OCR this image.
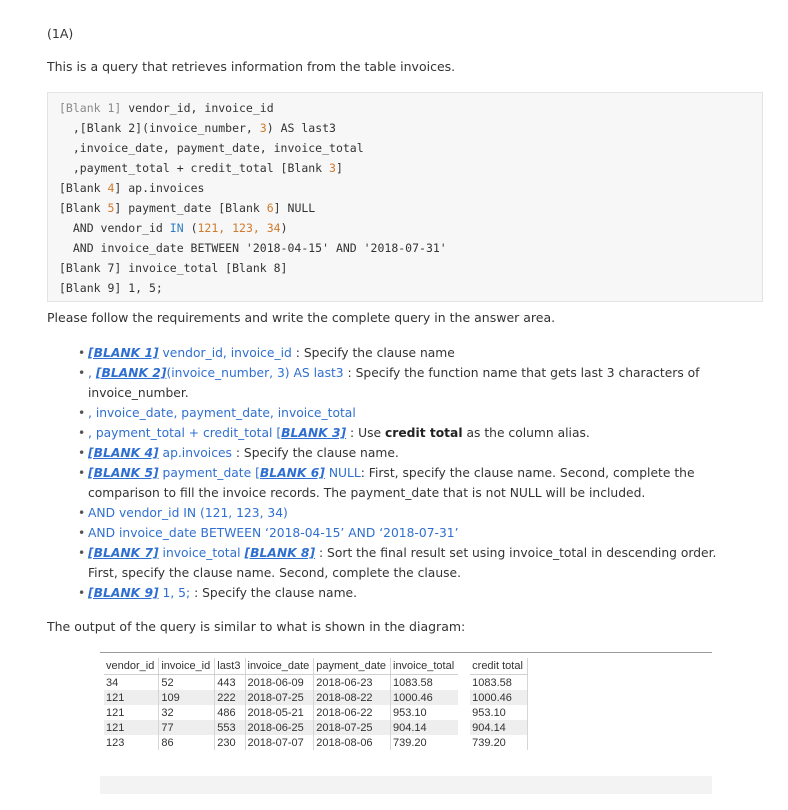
(1A)
This is a query that retrieves information from the table invoices.
[Blank 1] vendor_id, invoice_id
,[Blank 2](invoice_number, 3) AS last3
,invoice_date, payment_date, invoice_total
,payment_total + credit_total [Blank 3]
[Blank 4] ap.invoices
[Blank 5] payment_date [Blank 6] NULL
AND vendor_id IN (121, 123, 34)
AND invoice_date BETWEEN '2018-04-15' AND '2018-07-31'
[Blank 7] invoice_total [Blank 8]
[Blank 9] 1, 5;
Please follow the requirements and write the complete query in the answer area.
• [BLANK 1] vendor_id, invoice_id : Specify the clause name
• , [BLANK 2](invoice_number, 3) AS last3 : Specify the function name that gets last 3 characters of invoice_number.
• , invoice_date, payment_date, invoice_total
• , payment_total + credit_total [BLANK 3] : Use credit total as the column alias.
• [BLANK 4] ap.invoices : Specify the clause name.
• [BLANK 5] payment_date [BLANK 6] NULL: First, specify the clause name. Second, complete the comparison to fill the invoice records. The payment_date that is not NULL will be included.
• AND vendor_id IN (121, 123, 34)
• AND invoice_date BETWEEN ‘2018-04-15’ AND ‘2018-07-31’
• [BLANK 7] invoice_total [BLANK 8] : Sort the final result set using invoice_total in descending order. First, specify the clause name. Second, complete the clause.
• [BLANK 9] 1, 5; : Specify the clause name.
The output of the query is similar to what is shown in the diagram:
vendor_id	invoice_id	last3	invoice_date	payment_date	invoice_total		credit total
34	52	443	2018-06-09	2018-06-23	1083.58		1083.58
121	109	222	2018-07-25	2018-08-22	1000.46		1000.46
121	32	486	2018-05-21	2018-06-22	953.10		953.10
121	77	553	2018-06-25	2018-07-25	904.14		904.14
123	86	230	2018-07-07	2018-08-06	739.20		739.20
